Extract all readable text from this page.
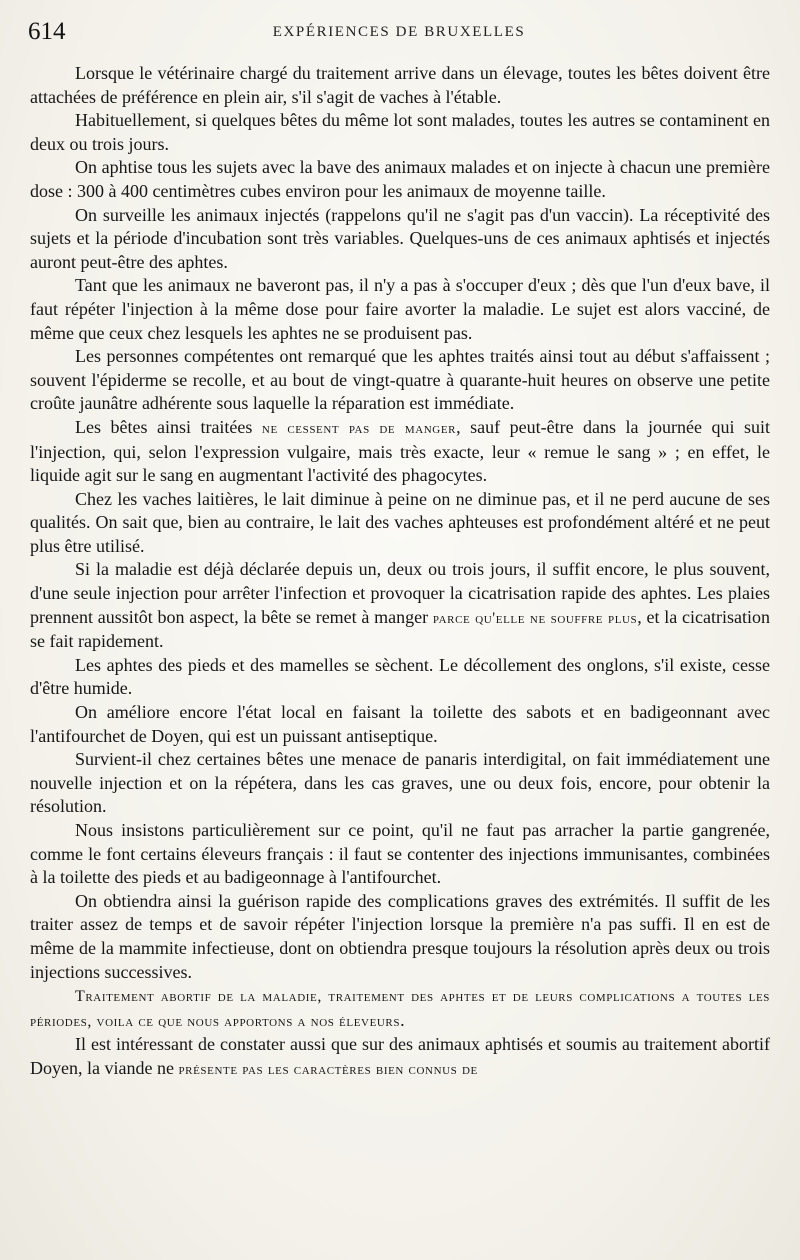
614	EXPÉRIENCES DE BRUXELLES

Lorsque le vétérinaire chargé du traitement arrive dans un élevage, toutes les bêtes doivent être attachées de préférence en plein air, s'il s'agit de vaches à l'étable.

Habituellement, si quelques bêtes du même lot sont malades, toutes les autres se contaminent en deux ou trois jours.

On aphtise tous les sujets avec la bave des animaux malades et on injecte à chacun une première dose : 300 à 400 centimètres cubes environ pour les animaux de moyenne taille.

On surveille les animaux injectés (rappelons qu'il ne s'agit pas d'un vaccin). La réceptivité des sujets et la période d'incubation sont très variables. Quelques-uns de ces animaux aphtisés et injectés auront peut-être des aphtes.

Tant que les animaux ne baveront pas, il n'y a pas à s'occuper d'eux ; dès que l'un d'eux bave, il faut répéter l'injection à la même dose pour faire avorter la maladie. Le sujet est alors vacciné, de même que ceux chez lesquels les aphtes ne se produisent pas.

Les personnes compétentes ont remarqué que les aphtes traités ainsi tout au début s'affaissent ; souvent l'épiderme se recolle, et au bout de vingt-quatre à quarante-huit heures on observe une petite croûte jaunâtre adhérente sous laquelle la réparation est immédiate.

Les bêtes ainsi traitées ne cessent pas de manger, sauf peut-être dans la journée qui suit l'injection, qui, selon l'expression vulgaire, mais très exacte, leur « remue le sang » ; en effet, le liquide agit sur le sang en augmentant l'activité des phagocytes.

Chez les vaches laitières, le lait diminue à peine on ne diminue pas, et il ne perd aucune de ses qualités. On sait que, bien au contraire, le lait des vaches aphteuses est profondément altéré et ne peut plus être utilisé.

Si la maladie est déjà déclarée depuis un, deux ou trois jours, il suffit encore, le plus souvent, d'une seule injection pour arrêter l'infection et provoquer la cicatrisation rapide des aphtes. Les plaies prennent aussitôt bon aspect, la bête se remet à manger parce qu'elle ne souffre plus, et la cicatrisation se fait rapidement.

Les aphtes des pieds et des mamelles se sèchent. Le décollement des onglons, s'il existe, cesse d'être humide.

On améliore encore l'état local en faisant la toilette des sabots et en badigeonnant avec l'antifourchet de Doyen, qui est un puissant antiseptique.

Survient-il chez certaines bêtes une menace de panaris interdigital, on fait immédiatement une nouvelle injection et on la répétera, dans les cas graves, une ou deux fois, encore, pour obtenir la résolution.

Nous insistons particulièrement sur ce point, qu'il ne faut pas arracher la partie gangrenée, comme le font certains éleveurs français : il faut se contenter des injections immunisantes, combinées à la toilette des pieds et au badigeonnage à l'antifourchet.

On obtiendra ainsi la guérison rapide des complications graves des extrémités. Il suffit de les traiter assez de temps et de savoir répéter l'injection lorsque la première n'a pas suffi. Il en est de même de la mammite infectieuse, dont on obtiendra presque toujours la résolution après deux ou trois injections successives.

Traitement abortif de la maladie, traitement des aphtes et de leurs complications a toutes les périodes, voila ce que nous apportons a nos éleveurs.

Il est intéressant de constater aussi que sur des animaux aphtisés et soumis au traitement abortif Doyen, la viande ne présente pas les caractères bien connus de
